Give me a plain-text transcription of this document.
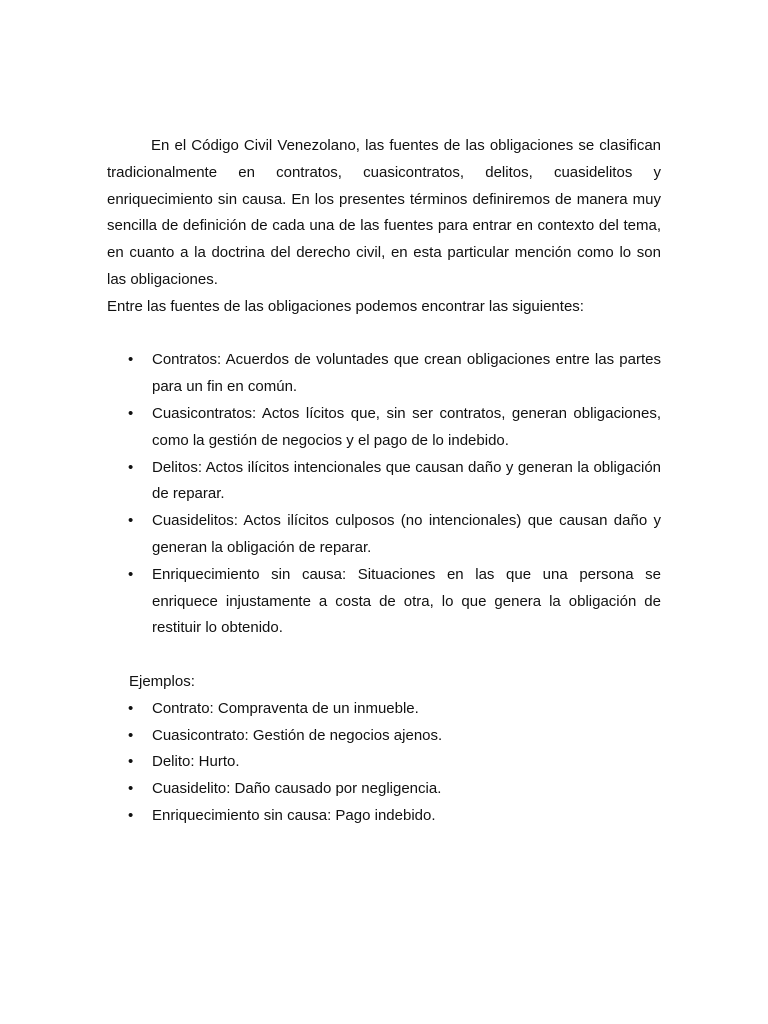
En el Código Civil Venezolano, las fuentes de las obligaciones se clasifican tradicionalmente en contratos, cuasicontratos, delitos, cuasidelitos y enriquecimiento sin causa. En los presentes términos definiremos de manera muy sencilla de definición de cada una de las fuentes para entrar en contexto del tema, en cuanto a la doctrina del derecho civil, en esta particular mención como lo son las obligaciones.

Entre las fuentes de las obligaciones podemos encontrar las siguientes:

•	Contratos: Acuerdos de voluntades que crean obligaciones entre las partes para un fin en común.
•	Cuasicontratos: Actos lícitos que, sin ser contratos, generan obligaciones, como la gestión de negocios y el pago de lo indebido.
•	Delitos: Actos ilícitos intencionales que causan daño y generan la obligación de reparar.
•	Cuasidelitos: Actos ilícitos culposos (no intencionales) que causan daño y generan la obligación de reparar.
•	Enriquecimiento sin causa: Situaciones en las que una persona se enriquece injustamente a costa de otra, lo que genera la obligación de restituir lo obtenido.

Ejemplos:

•	Contrato: Compraventa de un inmueble.
•	Cuasicontrato: Gestión de negocios ajenos.
•	Delito: Hurto.
•	Cuasidelito: Daño causado por negligencia.
•	Enriquecimiento sin causa: Pago indebido.
